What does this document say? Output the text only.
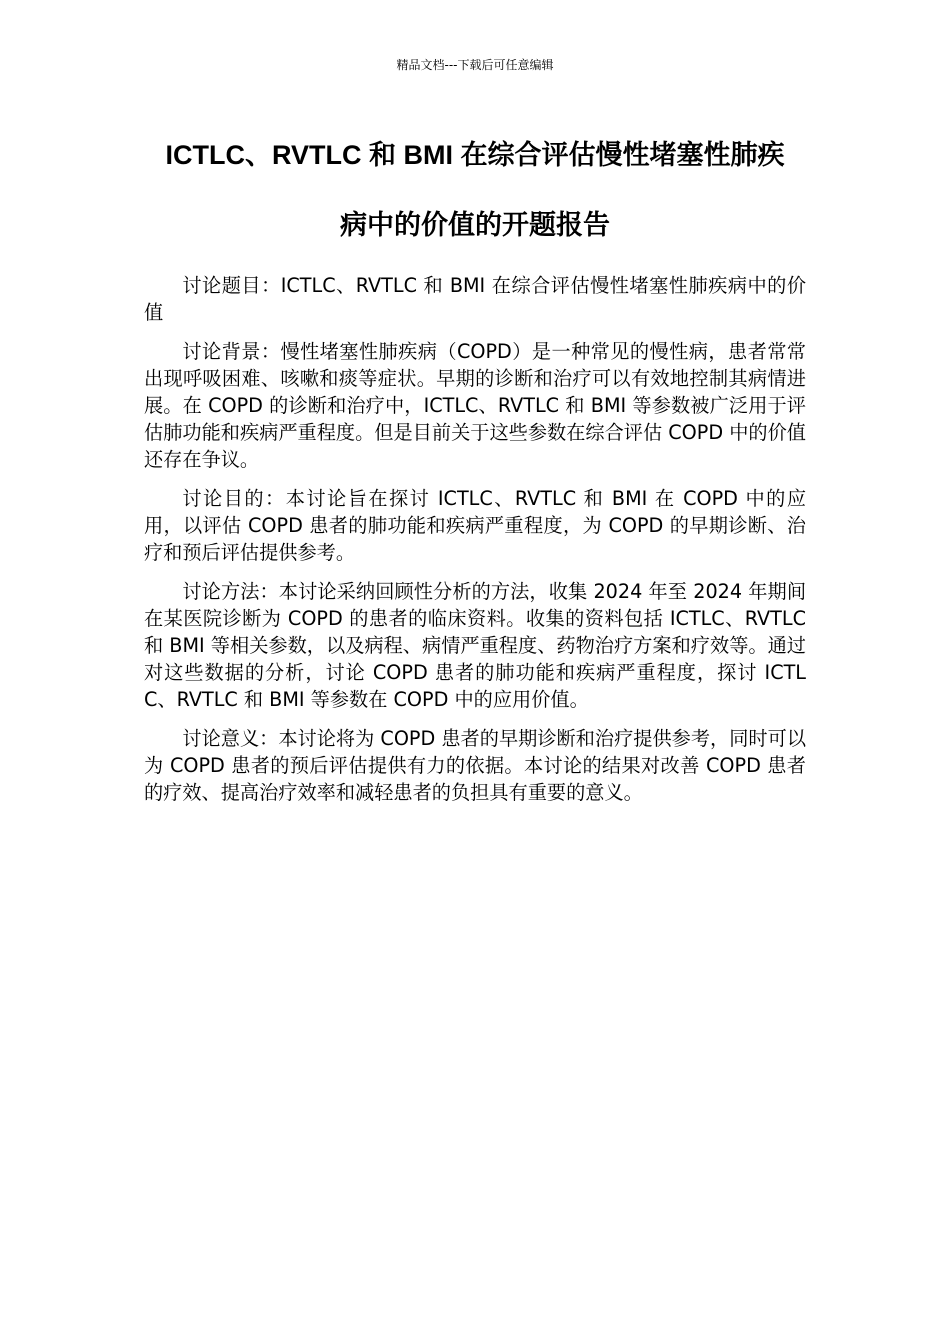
精品文档---下载后可任意编辑
ICTLC、RVTLC 和 BMI 在综合评估慢性堵塞性肺疾
病中的价值的开题报告

讨论题目：ICTLC、RVTLC 和 BMI 在综合评估慢性堵塞性肺疾病中的价值

讨论背景：慢性堵塞性肺疾病（COPD）是一种常见的慢性病，患者常常出现呼吸困难、咳嗽和痰等症状。早期的诊断和治疗可以有效地控制其病情进展。在 COPD 的诊断和治疗中，ICTLC、RVTLC 和 BMI 等参数被广泛用于评估肺功能和疾病严重程度。但是目前关于这些参数在综合评估 COPD 中的价值还存在争议。

讨论目的：本讨论旨在探讨 ICTLC、RVTLC 和 BMI 在 COPD 中的应用，以评估 COPD 患者的肺功能和疾病严重程度，为 COPD 的早期诊断、治疗和预后评估提供参考。

讨论方法：本讨论采纳回顾性分析的方法，收集 2024 年至 2024 年期间在某医院诊断为 COPD 的患者的临床资料。收集的资料包括 ICTLC、RVTLC 和 BMI 等相关参数，以及病程、病情严重程度、药物治疗方案和疗效等。通过对这些数据的分析，讨论 COPD 患者的肺功能和疾病严重程度，探讨 ICTLC、RVTLC 和 BMI 等参数在 COPD 中的应用价值。

讨论意义：本讨论将为 COPD 患者的早期诊断和治疗提供参考，同时可以为 COPD 患者的预后评估提供有力的依据。本讨论的结果对改善 COPD 患者的疗效、提高治疗效率和减轻患者的负担具有重要的意义。
